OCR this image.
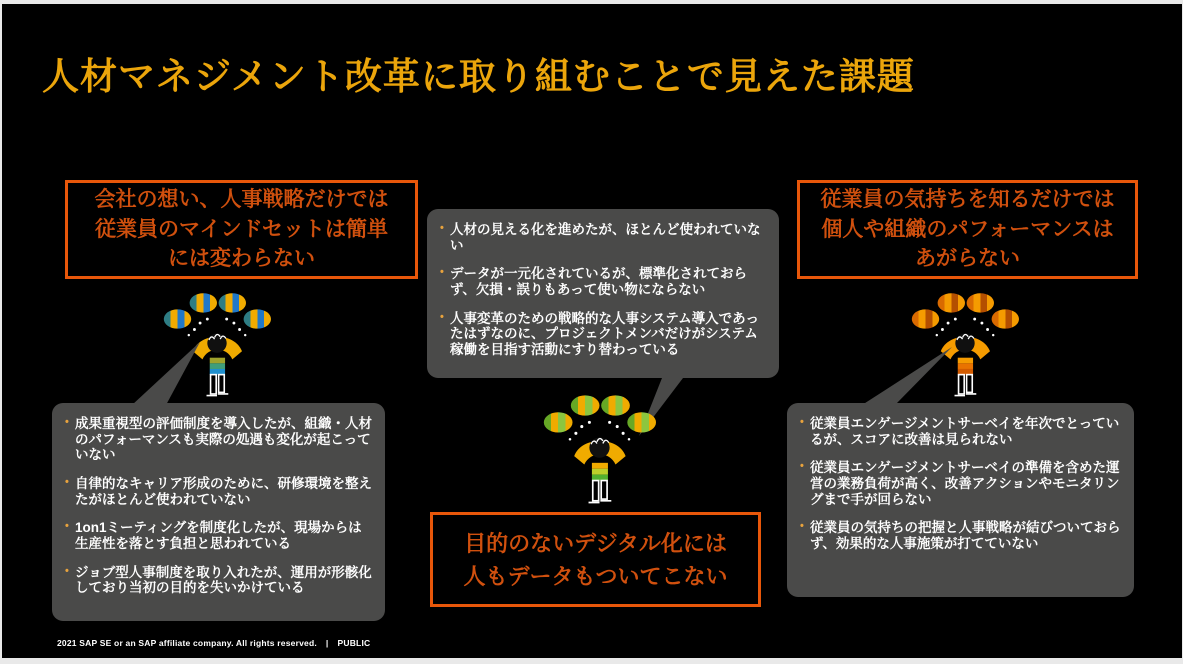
人材マネジメント改革に取り組むことで見えた課題
会社の想い、人事戦略だけでは
従業員のマインドセットは簡単
には変わらない
• 成果重視型の評価制度を導入したが、組織・人材のパフォーマンスも実際の処遇も変化が起こっていない
• 自律的なキャリア形成のために、研修環境を整えたがほとんど使われていない
• 1on1ミーティングを制度化したが、現場からは生産性を落とす負担と思われている
• ジョブ型人事制度を取り入れたが、運用が形骸化しており当初の目的を失いかけている
• 人材の見える化を進めたが、ほとんど使われていない
• データが一元化されているが、標準化されておらず、欠損・誤りもあって使い物にならない
• 人事変革のための戦略的な人事システム導入であったはずなのに、プロジェクトメンバだけがシステム稼働を目指す活動にすり替わっている
目的のないデジタル化には
人もデータもついてこない
従業員の気持ちを知るだけでは
個人や組織のパフォーマンスは
あがらない
• 従業員エンゲージメントサーベイを年次でとっているが、スコアに改善は見られない
• 従業員エンゲージメントサーベイの準備を含めた運営の業務負荷が高く、改善アクションやモニタリングまで手が回らない
• 従業員の気持ちの把握と人事戦略が結びついておらず、効果的な人事施策が打てていない
2021 SAP SE or an SAP affiliate company. All rights reserved. | PUBLIC
